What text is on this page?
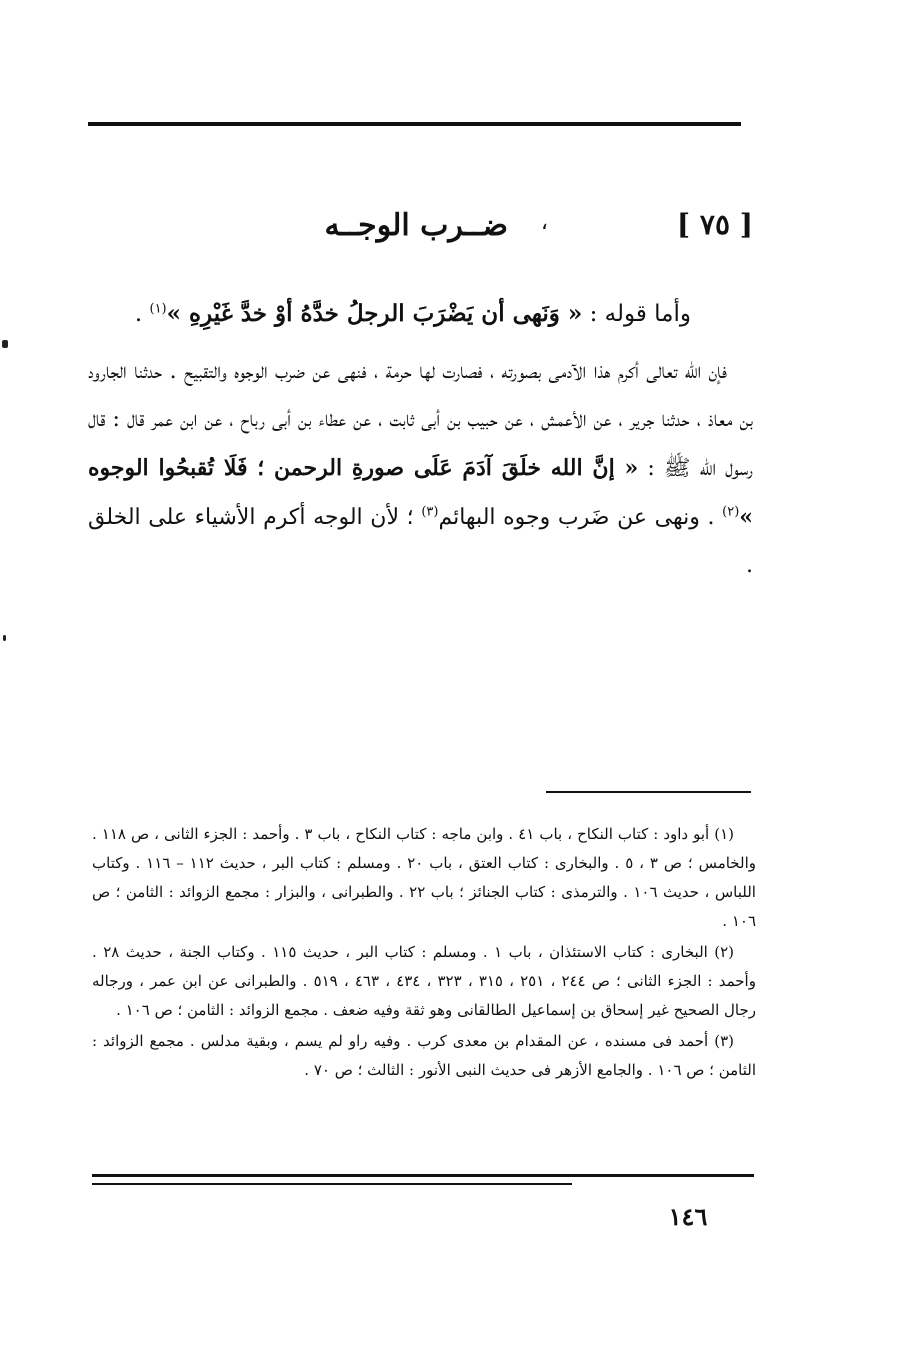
[ ٧٥ ]
،
ضــرب الوجــه

وأما قوله : « وَنَهى أن يَضْرَبَ الرجلُ خدَّهُ أوْ خدَّ غَيْرِهِ »$^{(١)}$ .

فإن الله تعالى أكرم هذا الآدمى بصورته ، فصارت لها حرمة ، فنهى عن ضرب الوجوه والتقبيح . حدثنا الجارود بن معاذ ، حدثنا جرير ، عن الأعمش ، عن حبيب بن أبى ثابت ، عن عطاء بن أبى رباح ، عن ابن عمر قال : قال رسول الله ﷺ : « إنَّ الله خلَقَ آدَمَ عَلَى صورةِ الرحمن ؛ فَلَا تُقبحُوا الوجوه »$^{(٢)}$ . ونهى عن ضَرب وجوه البهائم$^{(٣)}$ ؛ لأن الوجه أكرم الأشياء على الخلق .

(١) أبو داود : كتاب النكاح ، باب ٤١ . وابن ماجه : كتاب النكاح ، باب ٣ . وأحمد : الجزء الثانى ، ص ١١٨ . والخامس ؛ ص ٣ ، ٥ . والبخارى : كتاب العتق ، باب ٢٠ . ومسلم : كتاب البر ، حديث ١١٢ – ١١٦ . وكتاب اللباس ، حديث ١٠٦ . والترمذى : كتاب الجنائز ؛ باب ٢٢ . والطبرانى ، والبزار : مجمع الزوائد : الثامن ؛ ص ١٠٦ .

(٢) البخارى : كتاب الاستئذان ، باب ١ . ومسلم : كتاب البر ، حديث ١١٥ . وكتاب الجنة ، حديث ٢٨ . وأحمد : الجزء الثانى ؛ ص ٢٤٤ ، ٢٥١ ، ٣١٥ ، ٣٢٣ ، ٤٣٤ ، ٤٦٣ ، ٥١٩ . والطبرانى عن ابن عمر ، ورجاله رجال الصحيح غير إسحاق بن إسماعيل الطالقانى وهو ثقة وفيه ضعف . مجمع الزوائد : الثامن ؛ ص ١٠٦ .

(٣) أحمد فى مسنده ، عن المقدام بن معدى كرب . وفيه راو لم يسم ، وبقية مدلس . مجمع الزوائد : الثامن ؛ ص ١٠٦ . والجامع الأزهر فى حديث النبى الأنور : الثالث ؛ ص ٧٠ .

١٤٦
